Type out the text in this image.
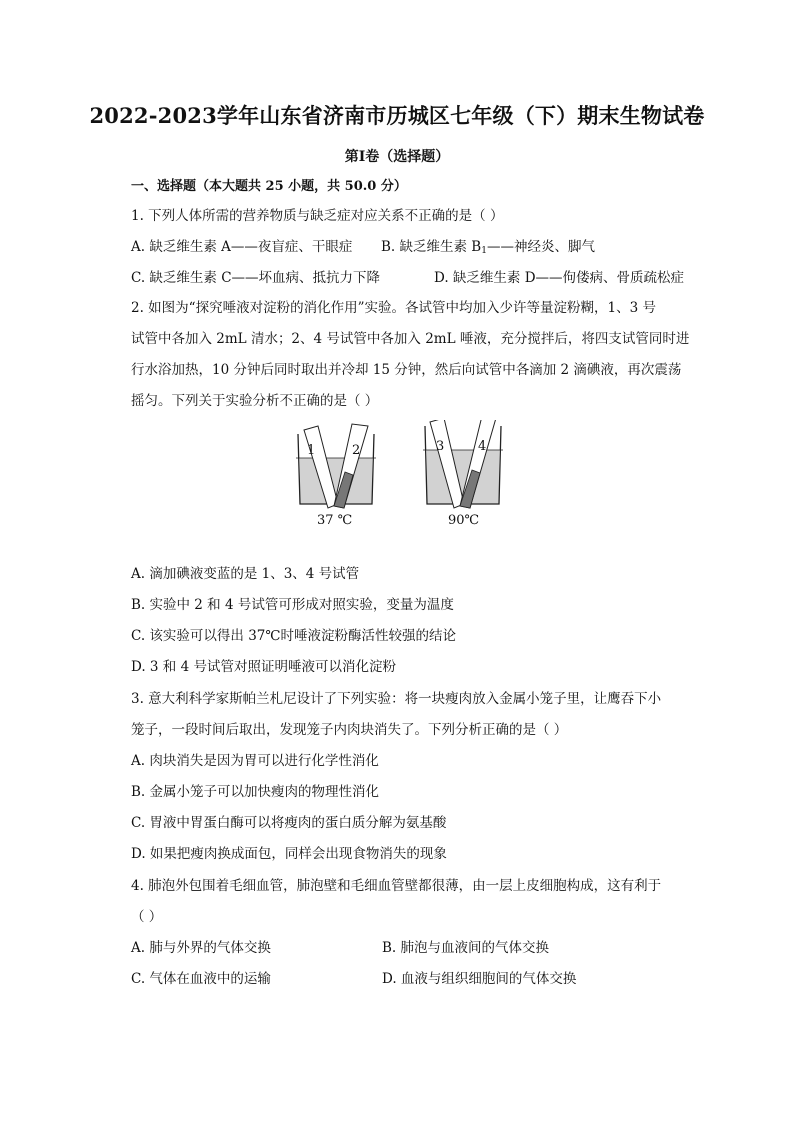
2022-2023学年山东省济南市历城区七年级（下）期末生物试卷
第I卷（选择题）
一、选择题（本大题共 25 小题，共 50.0 分）
1. 下列人体所需的营养物质与缺乏症对应关系不正确的是（ ）
A. 缺乏维生素 A——夜盲症、干眼症 B. 缺乏维生素 $B_1——$神经炎、脚气
C. 缺乏维生素 C——坏血病、抵抗力下降	D. 缺乏维生素 D——佝偻病、骨质疏松症
2. 如图为“探究唾液对淀粉的消化作用”实验。各试管中均加入少许等量淀粉糊，1、3 号
试管中各加入 2mL 清水；2、4 号试管中各加入 2mL 唾液，充分搅拌后，将四支试管同时进
行水浴加热，10 分钟后同时取出并冷却 15 分钟，然后向试管中各滴加 2 滴碘液，再次震荡
摇匀。下列关于实验分析不正确的是（ ）
1	2
37 ℃
3	4
90℃
A. 滴加碘液变蓝的是 1、3、4 号试管
B. 实验中 2 和 4 号试管可形成对照实验，变量为温度
C. 该实验可以得出 37℃时唾液淀粉酶活性较强的结论
D. 3 和 4 号试管对照证明唾液可以消化淀粉
3. 意大利科学家斯帕兰札尼设计了下列实验：将一块瘦肉放入金属小笼子里，让鹰吞下小
笼子，一段时间后取出，发现笼子内肉块消失了。下列分析正确的是（ ）
A. 肉块消失是因为胃可以进行化学性消化
B. 金属小笼子可以加快瘦肉的物理性消化
C. 胃液中胃蛋白酶可以将瘦肉的蛋白质分解为氨基酸
D. 如果把瘦肉换成面包，同样会出现食物消失的现象
4. 肺泡外包围着毛细血管，肺泡壁和毛细血管壁都很薄，由一层上皮细胞构成，这有利于
（ ）
A. 肺与外界的气体交换	B. 肺泡与血液间的气体交换
C. 气体在血液中的运输	D. 血液与组织细胞间的气体交换
